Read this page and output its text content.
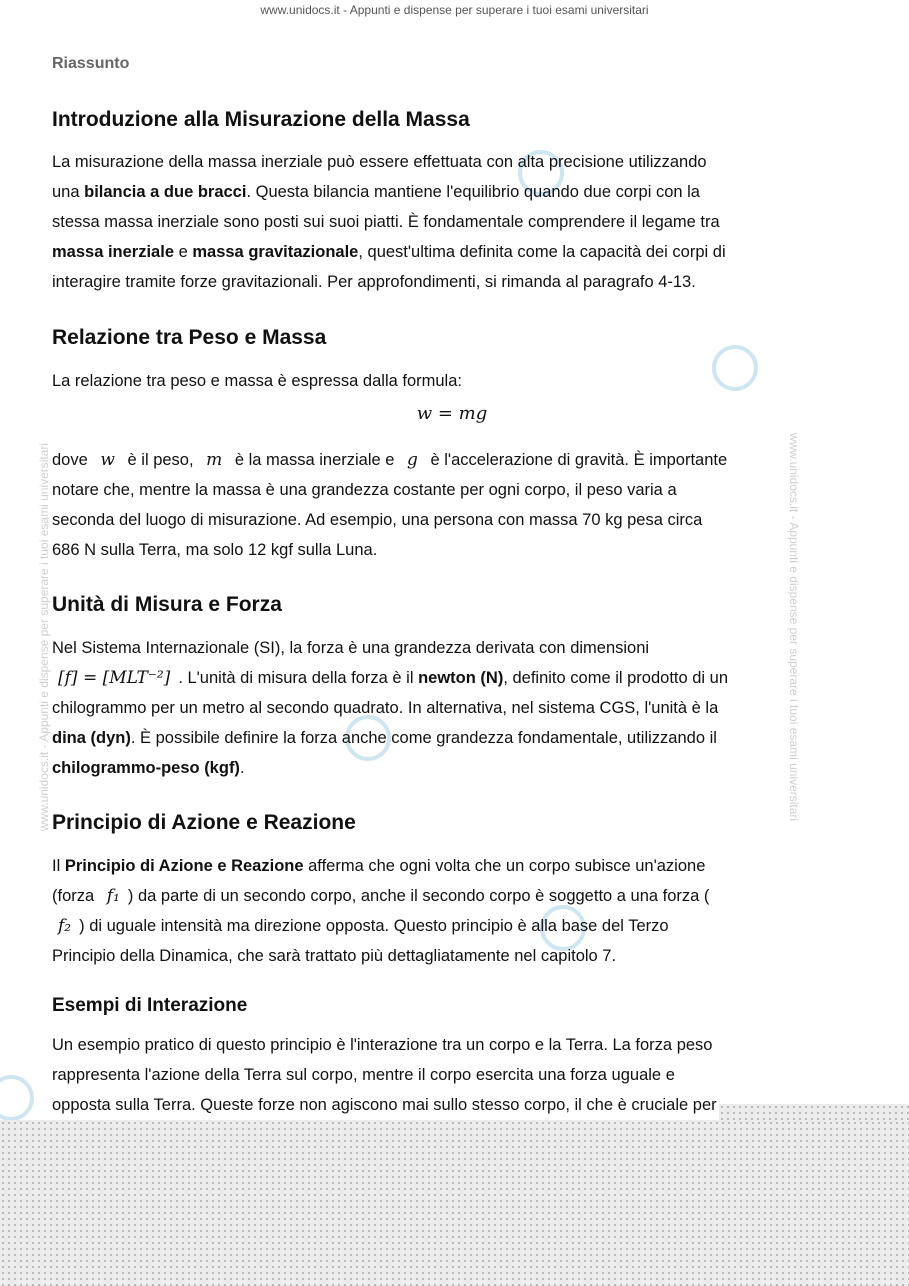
www.unidocs.it - Appunti e dispense per superare i tuoi esami universitari
www.unidocs.it - Appunti e dispense per superare i tuoi esami universitari	www.unidocs.it - Appunti e dispense per superare i tuoi esami universitari
Riassunto
Introduzione alla Misurazione della Massa

La misurazione della massa inerziale può essere effettuata con alta precisione utilizzando
una bilancia a due bracci. Questa bilancia mantiene l'equilibrio quando due corpi con la
stessa massa inerziale sono posti sui suoi piatti. È fondamentale comprendere il legame tra
massa inerziale e massa gravitazionale, quest'ultima definita come la capacità dei corpi di
interagire tramite forze gravitazionali. Per approfondimenti, si rimanda al paragrafo 4-13.

Relazione tra Peso e Massa

La relazione tra peso e massa è espressa dalla formula:

w = mg

dove w è il peso, m è la massa inerziale e g è l'accelerazione di gravità. È importante
notare che, mentre la massa è una grandezza costante per ogni corpo, il peso varia a
seconda del luogo di misurazione. Ad esempio, una persona con massa 70 kg pesa circa
686 N sulla Terra, ma solo 12 kgf sulla Luna.

Unità di Misura e Forza

Nel Sistema Internazionale (SI), la forza è una grandezza derivata con dimensioni
[f] = [MLT⁻²] . L'unità di misura della forza è il newton (N), definito come il prodotto di un
chilogrammo per un metro al secondo quadrato. In alternativa, nel sistema CGS, l'unità è la
dina (dyn). È possibile definire la forza anche come grandezza fondamentale, utilizzando il
chilogrammo-peso (kgf).

Principio di Azione e Reazione

Il Principio di Azione e Reazione afferma che ogni volta che un corpo subisce un'azione
(forza f₁ ) da parte di un secondo corpo, anche il secondo corpo è soggetto a una forza (
f₂ ) di uguale intensità ma direzione opposta. Questo principio è alla base del Terzo
Principio della Dinamica, che sarà trattato più dettagliatamente nel capitolo 7.

Esempi di Interazione

Un esempio pratico di questo principio è l'interazione tra un corpo e la Terra. La forza peso
rappresenta l'azione della Terra sul corpo, mentre il corpo esercita una forza uguale e
opposta sulla Terra. Queste forze non agiscono mai sullo stesso corpo, il che è cruciale per
